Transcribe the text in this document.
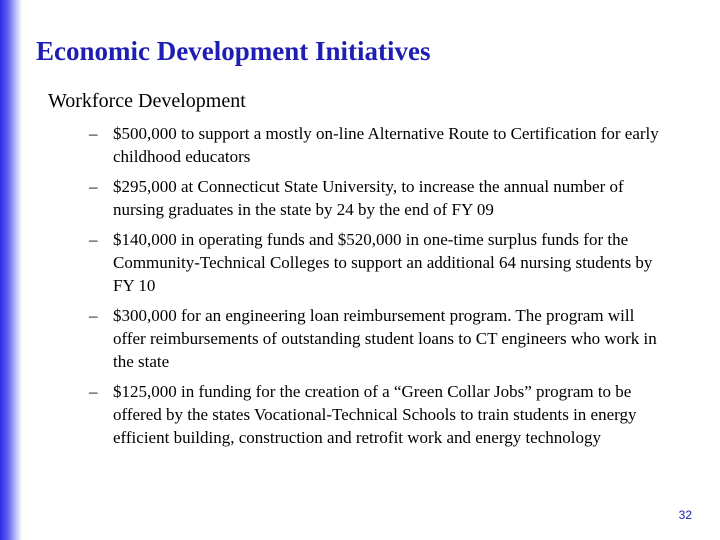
Economic Development Initiatives
Workforce Development
– $500,000 to support a mostly on-line Alternative Route to Certification for early childhood educators
– $295,000 at Connecticut State University, to increase the annual number of nursing graduates in the state by 24 by the end of FY 09
– $140,000 in operating funds and $520,000 in one-time surplus funds for the Community-Technical Colleges to support an additional 64 nursing students by FY 10
– $300,000 for an engineering loan reimbursement program. The program will offer reimbursements of outstanding student loans to CT engineers who work in the state
– $125,000 in funding for the creation of a “Green Collar Jobs” program to be offered by the states Vocational-Technical Schools to train students in energy efficient building, construction and retrofit work and energy technology
32
